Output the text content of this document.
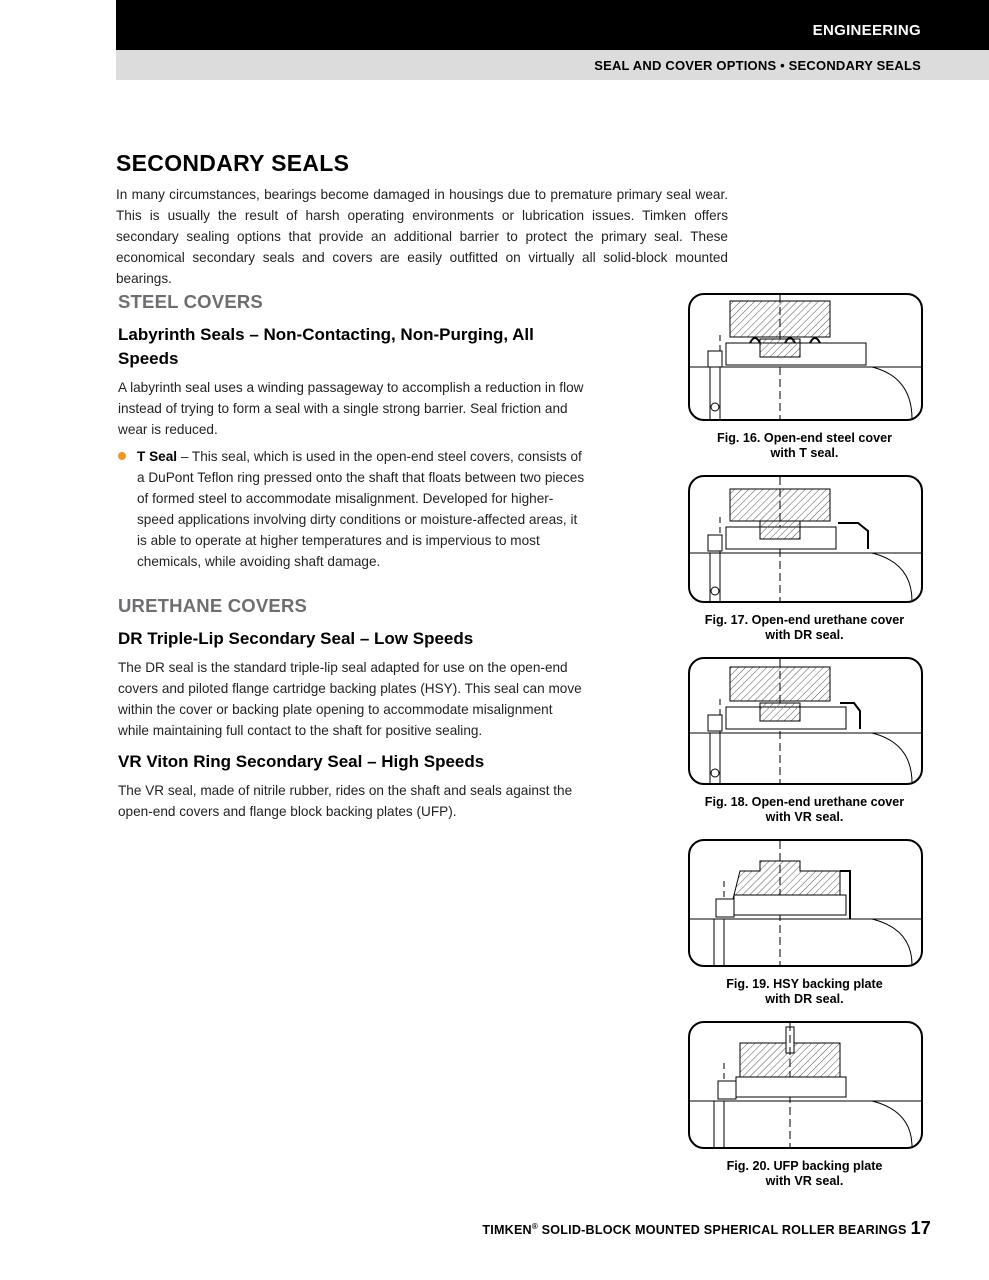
ENGINEERING
SEAL AND COVER OPTIONS • SECONDARY SEALS
SECONDARY SEALS

In many circumstances, bearings become damaged in housings due to premature primary seal wear. This is usually the result of harsh operating environments or lubrication issues. Timken offers secondary sealing options that provide an additional barrier to protect the primary seal. These economical secondary seals and covers are easily outfitted on virtually all solid-block mounted bearings.

STEEL COVERS
Labyrinth Seals – Non-Contacting, Non-Purging, All Speeds

A labyrinth seal uses a winding passageway to accomplish a reduction in flow instead of trying to form a seal with a single strong barrier. Seal friction and wear is reduced.

T Seal – This seal, which is used in the open-end steel covers, consists of a DuPont Teflon ring pressed onto the shaft that floats between two pieces of formed steel to accommodate misalignment. Developed for higher-speed applications involving dirty conditions or moisture-affected areas, it is able to operate at higher temperatures and is impervious to most chemicals, while avoiding shaft damage.

URETHANE COVERS
DR Triple-Lip Secondary Seal – Low Speeds

The DR seal is the standard triple-lip seal adapted for use on the open-end covers and piloted flange cartridge backing plates (HSY). This seal can move within the cover or backing plate opening to accommodate misalignment while maintaining full contact to the shaft for positive sealing.

VR Viton Ring Secondary Seal – High Speeds

The VR seal, made of nitrile rubber, rides on the shaft and seals against the open-end covers and flange block backing plates (UFP).

Fig. 16. Open-end steel cover
with T seal.

Fig. 17. Open-end urethane cover
with DR seal.

Fig. 18. Open-end urethane cover
with VR seal.

Fig. 19. HSY backing plate
with DR seal.

Fig. 20. UFP backing plate
with VR seal.

TIMKEN® SOLID-BLOCK MOUNTED SPHERICAL ROLLER BEARINGS 17
